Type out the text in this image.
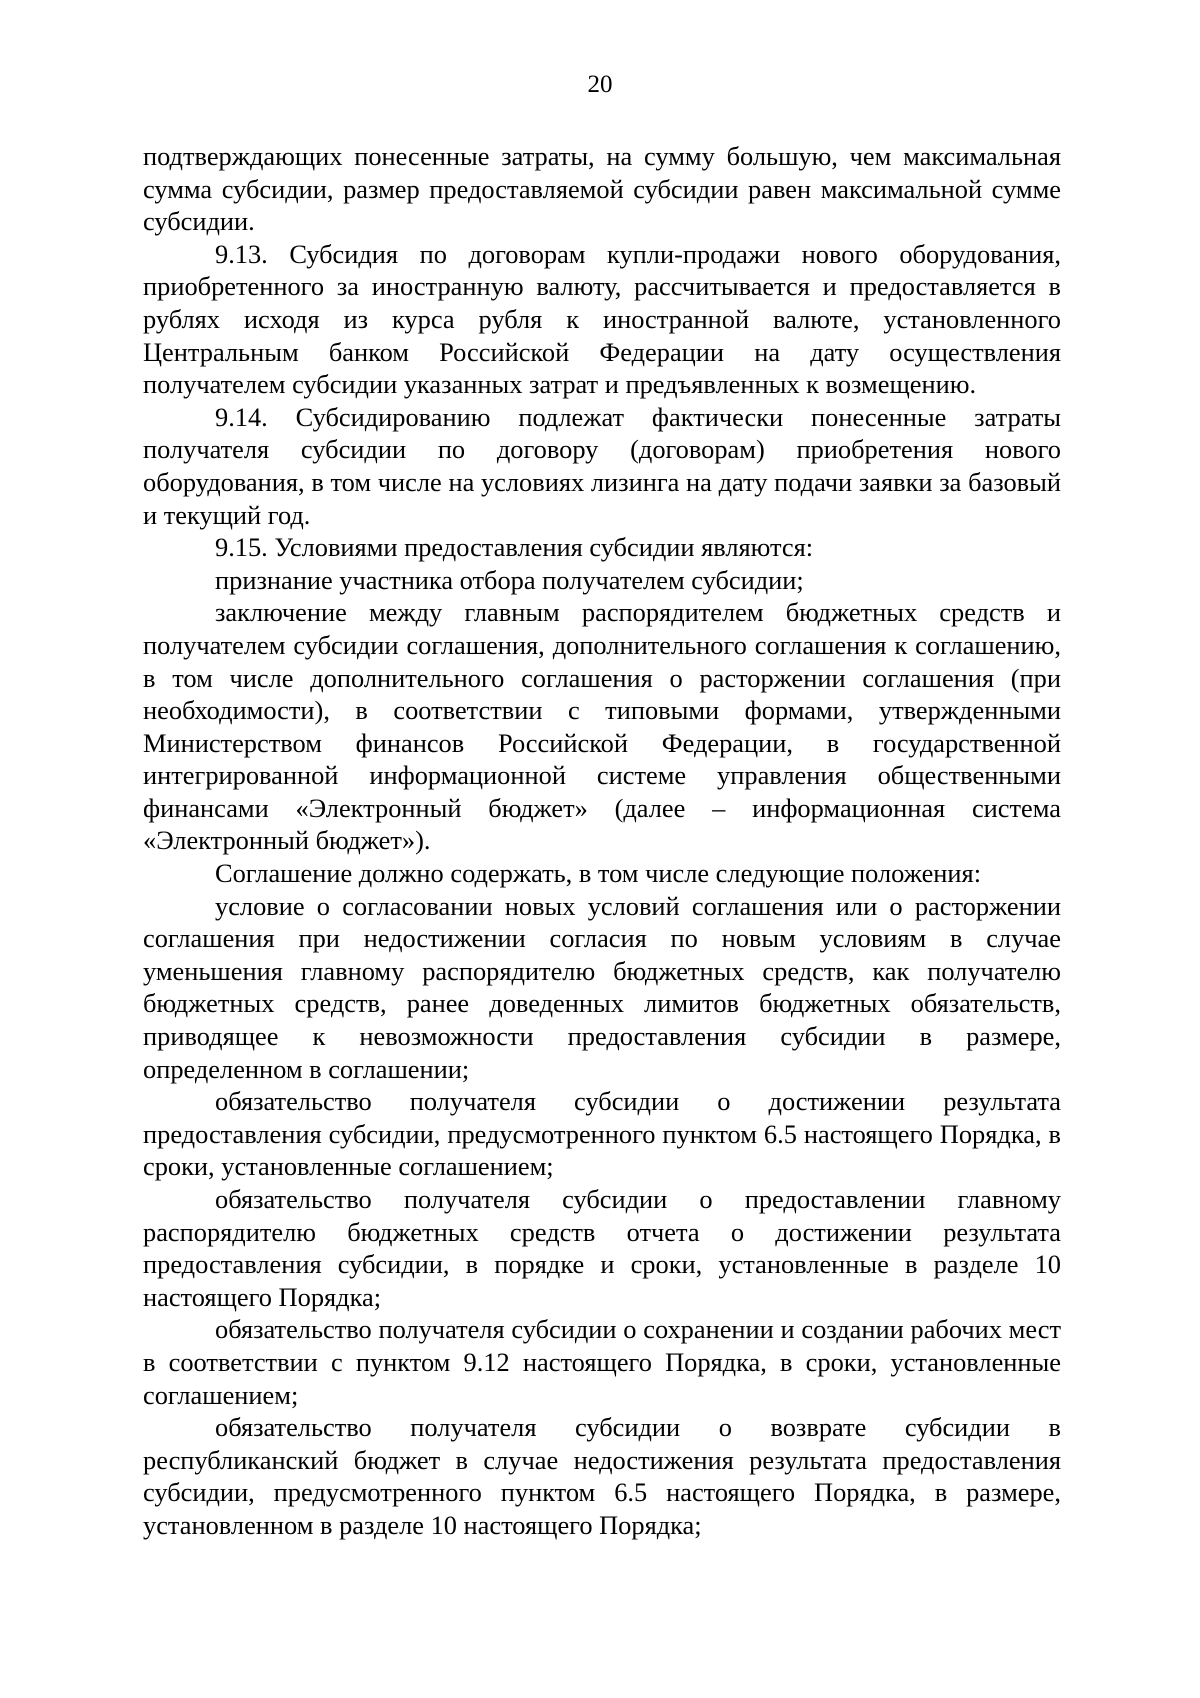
20

подтверждающих понесенные затраты, на сумму большую, чем максимальная сумма субсидии, размер предоставляемой субсидии равен максимальной сумме субсидии.

9.13. Субсидия по договорам купли-продажи нового оборудования, приобретенного за иностранную валюту, рассчитывается и предоставляется в рублях исходя из курса рубля к иностранной валюте, установленного Центральным банком Российской Федерации на дату осуществления получателем субсидии указанных затрат и предъявленных к возмещению.

9.14. Субсидированию подлежат фактически понесенные затраты получателя субсидии по договору (договорам) приобретения нового оборудования, в том числе на условиях лизинга на дату подачи заявки за базовый и текущий год.

9.15. Условиями предоставления субсидии являются:

признание участника отбора получателем субсидии;

заключение между главным распорядителем бюджетных средств и получателем субсидии соглашения, дополнительного соглашения к соглашению, в том числе дополнительного соглашения о расторжении соглашения (при необходимости), в соответствии с типовыми формами, утвержденными Министерством финансов Российской Федерации, в государственной интегрированной информационной системе управления общественными финансами «Электронный бюджет» (далее – информационная система «Электронный бюджет»).

Соглашение должно содержать, в том числе следующие положения:

условие о согласовании новых условий соглашения или о расторжении соглашения при недостижении согласия по новым условиям в случае уменьшения главному распорядителю бюджетных средств, как получателю бюджетных средств, ранее доведенных лимитов бюджетных обязательств, приводящее к невозможности предоставления субсидии в размере, определенном в соглашении;

обязательство получателя субсидии о достижении результата предоставления субсидии, предусмотренного пунктом 6.5 настоящего Порядка, в сроки, установленные соглашением;

обязательство получателя субсидии о предоставлении главному распорядителю бюджетных средств отчета о достижении результата предоставления субсидии, в порядке и сроки, установленные в разделе 10 настоящего Порядка;

обязательство получателя субсидии о сохранении и создании рабочих мест в соответствии с пунктом 9.12 настоящего Порядка, в сроки, установленные соглашением;

обязательство получателя субсидии о возврате субсидии в республиканский бюджет в случае недостижения результата предоставления субсидии, предусмотренного пунктом 6.5 настоящего Порядка, в размере, установленном в разделе 10 настоящего Порядка;
